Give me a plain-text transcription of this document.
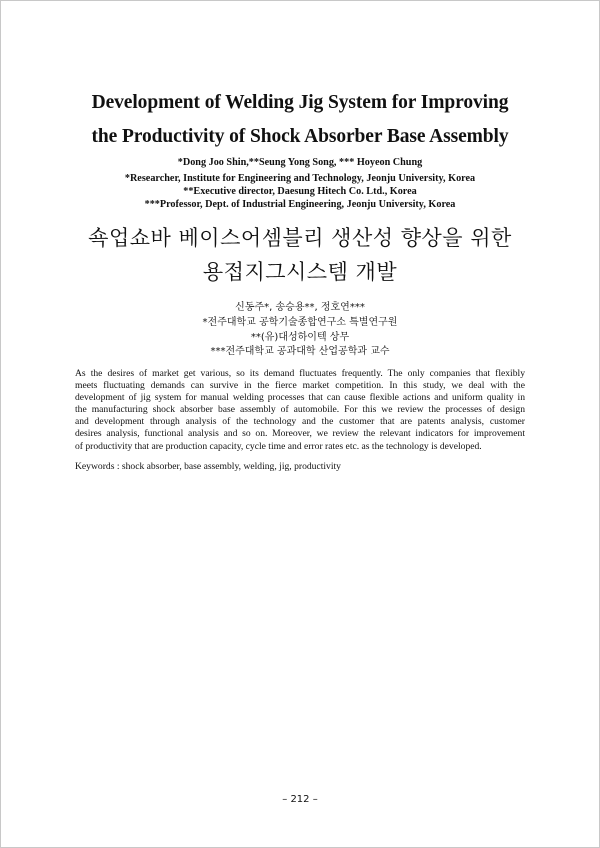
Development of Welding Jig System for Improving
the Productivity of Shock Absorber Base Assembly
*Dong Joo Shin,**Seung Yong Song, *** Hoyeon Chung
*Researcher, Institute for Engineering and Technology, Jeonju University, Korea
**Executive director, Daesung Hitech Co. Ltd., Korea
***Professor, Dept. of Industrial Engineering, Jeonju University, Korea
쇽업쇼바 베이스어셈블리 생산성 향상을 위한
용접지그시스템 개발
신동주*, 송승용**, 정호연***
*전주대학교 공학기술종합연구소 특별연구원
**(유)대성하이텍 상무
***전주대학교 공과대학 산업공학과 교수
As the desires of market get various, so its demand fluctuates frequently. The only companies that flexibly
meets fluctuating demands can survive in the fierce market competition. In this study, we deal with the
development of jig system for manual welding processes that can cause flexible actions and uniform quality in
the manufacturing shock absorber base assembly of automobile. For this we review the processes of design
and development through analysis of the technology and the customer that are patents analysis, customer
desires analysis, functional analysis and so on. Moreover, we review the relevant indicators for improvement
of productivity that are production capacity, cycle time and error rates etc. as the technology is developed.
Keywords : shock absorber, base assembly, welding, jig, productivity
– 212 –
